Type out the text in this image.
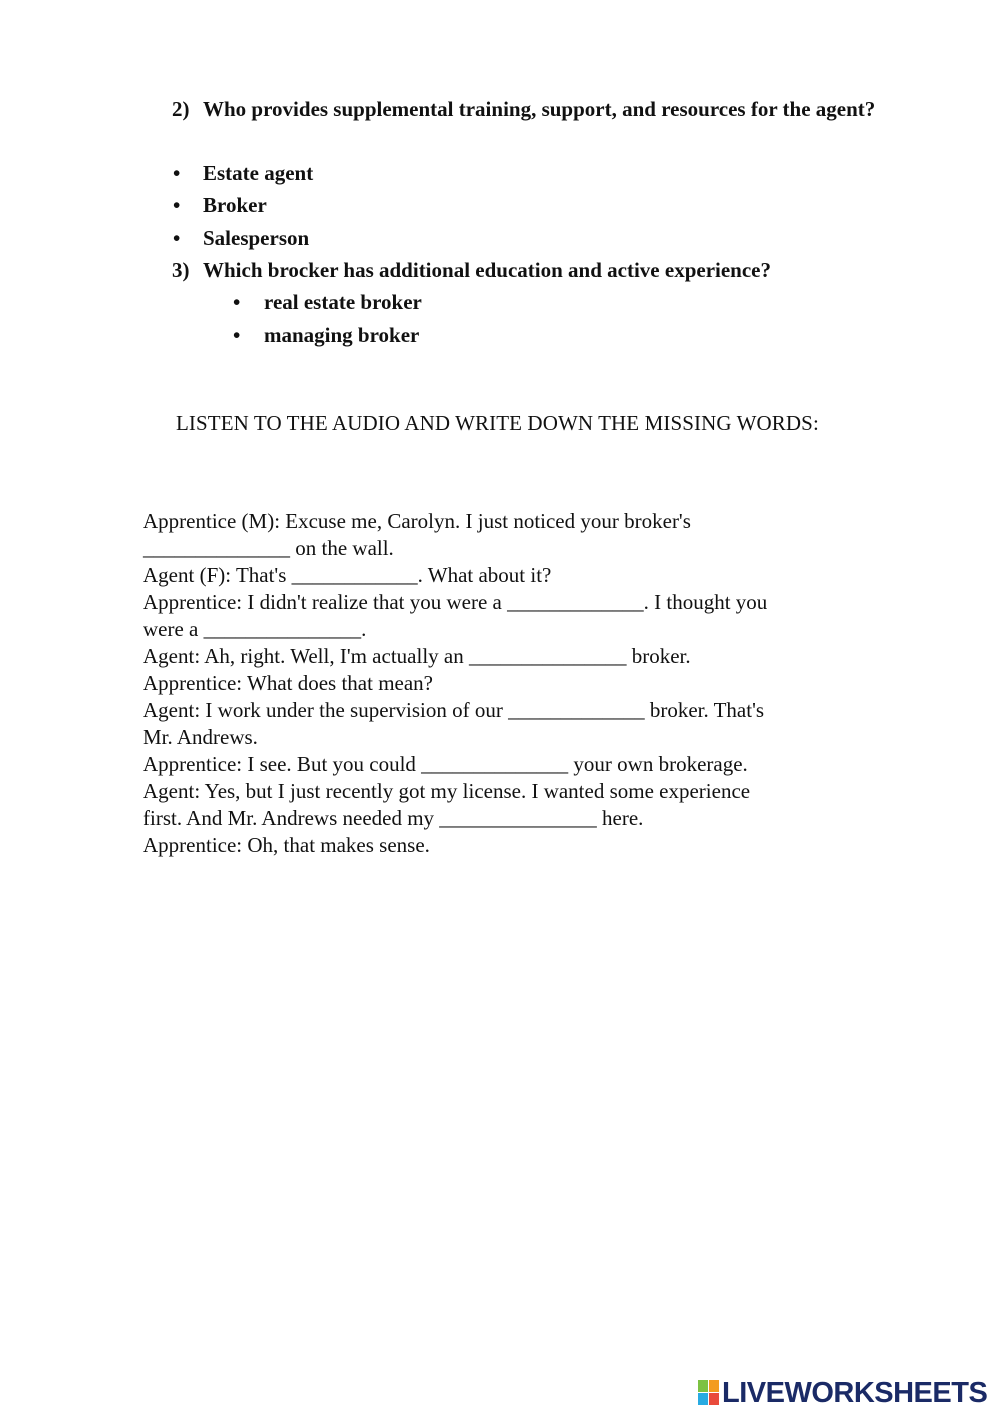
2) Who provides supplemental training, support, and resources for the agent?
• Estate agent
• Broker
• Salesperson
3) Which brocker has additional education and active experience?
• real estate broker
• managing broker
LISTEN TO THE AUDIO AND WRITE DOWN THE MISSING WORDS:
Apprentice (M): Excuse me, Carolyn. I just noticed your broker's
______________ on the wall.
Agent (F): That's ____________. What about it?
Apprentice: I didn't realize that you were a _____________. I thought you
were a _______________.
Agent: Ah, right. Well, I'm actually an _______________ broker.
Apprentice: What does that mean?
Agent: I work under the supervision of our _____________ broker. That's
Mr. Andrews.
Apprentice: I see. But you could ______________ your own brokerage.
Agent: Yes, but I just recently got my license. I wanted some experience
first. And Mr. Andrews needed my _______________ here.
Apprentice: Oh, that makes sense.
LIVEWORKSHEETS
